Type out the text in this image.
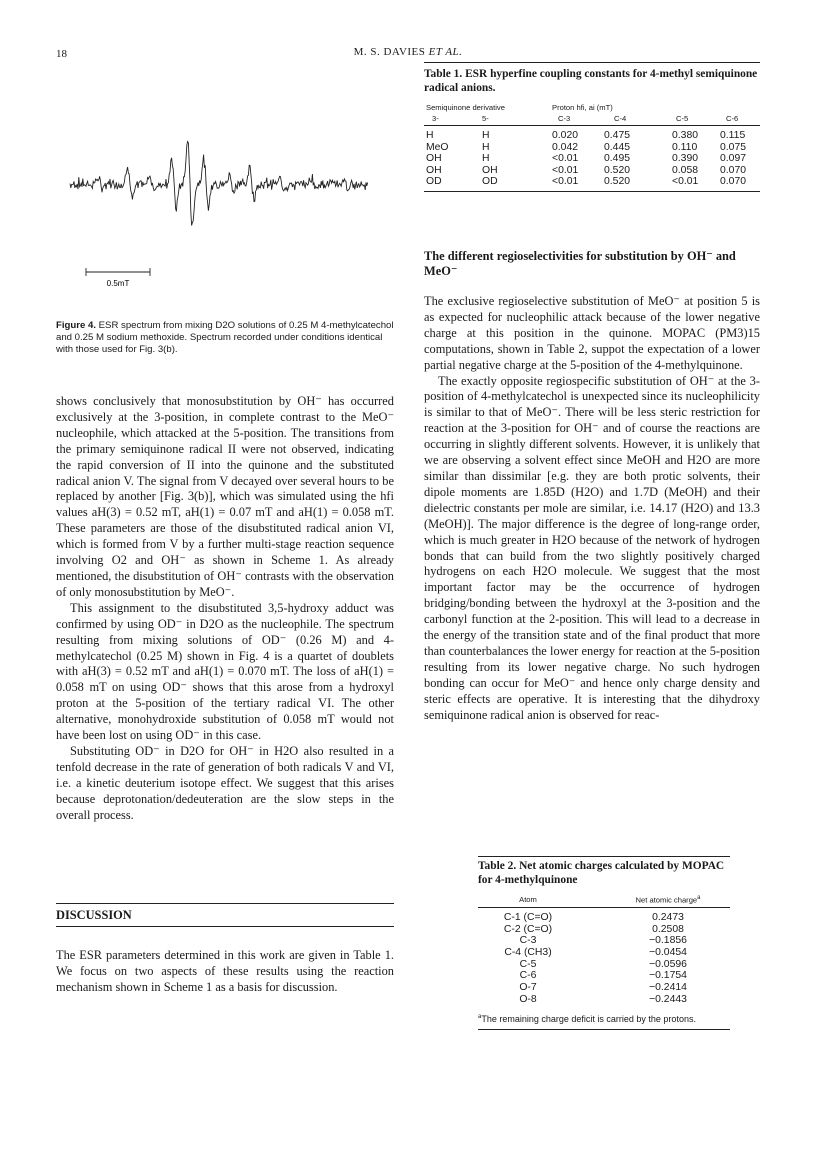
18	M. S. DAVIES ET AL.
0.5mT
Figure 4. ESR spectrum from mixing D2O solutions of 0.25 M 4-methylcatechol and 0.25 M sodium methoxide. Spectrum recorded under conditions identical with those used for Fig. 3(b).

shows conclusively that monosubstitution by OH⁻ has occurred exclusively at the 3-position, in complete contrast to the MeO⁻ nucleophile, which attacked at the 5-position. The transitions from the primary semiquinone radical II were not observed, indicating the rapid conversion of II into the quinone and the substituted radical anion V. The signal from V decayed over several hours to be replaced by another [Fig. 3(b)], which was simulated using the hfi values aH(3) = 0.52 mT, aH(1) = 0.07 mT and aH(1) = 0.058 mT. These parameters are those of the disubstituted radical anion VI, which is formed from V by a further multi-stage reaction sequence involving O2 and OH⁻ as shown in Scheme 1. As already mentioned, the disubstitution of OH⁻ contrasts with the observation of only monosubstitution by MeO⁻.

This assignment to the disubstituted 3,5-hydroxy adduct was confirmed by using OD⁻ in D2O as the nucleophile. The spectrum resulting from mixing solutions of OD⁻ (0.26 M) and 4-methylcatechol (0.25 M) shown in Fig. 4 is a quartet of doublets with aH(3) = 0.52 mT and aH(1) = 0.070 mT. The loss of aH(1) = 0.058 mT on using OD⁻ shows that this arose from a hydroxyl proton at the 5-position of the tertiary radical VI. The other alternative, monohydroxide substitution of 0.058 mT would not have been lost on using OD⁻ in this case.

Substituting OD⁻ in D2O for OH⁻ in H2O also resulted in a tenfold decrease in the rate of generation of both radicals V and VI, i.e. a kinetic deuterium isotope effect. We suggest that this arises because deprotonation/dedeuteration are the slow steps in the overall process.

DISCUSSION

The ESR parameters determined in this work are given in Table 1. We focus on two aspects of these results using the reaction mechanism shown in Scheme 1 as a basis for discussion.

Table 1. ESR hyperfine coupling constants for 4-methyl semiquinone radical anions.
Semiquinone derivative	Proton hfi, ai (mT)
3-	5-	C-3	C-4	C-5	C-6
H	H	0.020 0.475	0.380 0.115
MeO	H	0.042 0.445	0.110 0.075
OH	H	<0.01 0.495	0.390 0.097
OH	OH	<0.01 0.520	0.058 0.070
OD	OD	<0.01 0.520	<0.01 0.070
The different regioselectivities for substitution by OH⁻ and MeO⁻

The exclusive regioselective substitution of MeO⁻ at position 5 is as expected for nucleophilic attack because of the lower negative charge at this position in the quinone. MOPAC (PM3)15 computations, shown in Table 2, suppot the expectation of a lower partial negative charge at the 5-position of the 4-methylquinone.

The exactly opposite regiospecific substitution of OH⁻ at the 3-position of 4-methylcatechol is unexpected since its nucleophilicity is similar to that of MeO⁻. There will be less steric restriction for reaction at the 3-position for OH⁻ and of course the reactions are occurring in slightly different solvents. However, it is unlikely that we are observing a solvent effect since MeOH and H2O are more similar than dissimilar [e.g. they are both protic solvents, their dipole moments are 1.85D (H2O) and 1.7D (MeOH) and their dielectric constants per mole are similar, i.e. 14.17 (H2O) and 13.3 (MeOH)]. The major difference is the degree of long-range order, which is much greater in H2O because of the network of hydrogen bonds that can build from the two slightly positively charged hydrogens on each H2O molecule. We suggest that the most important factor may be the occurrence of hydrogen bridging/bonding between the hydroxyl at the 3-position and the carbonyl function at the 2-position. This will lead to a decrease in the energy of the transition state and of the final product that more than counterbalances the lower energy for reaction at the 5-position resulting from its lower negative charge. No such hydrogen bonding can occur for MeO⁻ and hence only charge density and steric effects are operative. It is interesting that the dihydroxy semiquinone radical anion is observed for reac-

Table 2. Net atomic charges calculated by MOPAC for 4-methylquinone
Atom	Net atomic charge$^a$
C-1 (C=O)	0.2473
C-2 (C=O)	0.2508
C-3	−0.1856
C-4 (CH3)	−0.0454
C-5	−0.0596
C-6	−0.1754
O-7	−0.2414
O-8	−0.2443
$^a$The remaining charge deficit is carried by the protons.
